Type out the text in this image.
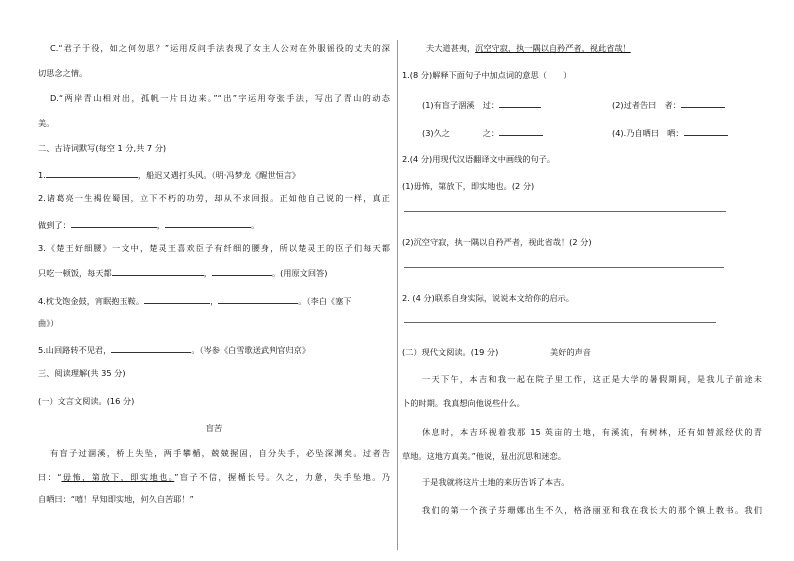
C.“君子于役，如之何勿思？”运用反问手法表现了女主人公对在外服徭役的丈夫的深
切思念之情。
D.“两岸青山相对出，孤帆一片日边来。”“出”字运用夸张手法，写出了青山的动态
美。
二、古诗词默写(每空 1 分,共 7 分)
1.	，船迟又遇打头风。（明·冯梦龙《醒世恒言》
2.诸葛亮一生褐佐蜀国，立下不朽的功劳，却从不求回报。正如他自己说的一样，真正
做到了：	，	。
3.《楚王好细腰》一文中，楚灵王喜欢臣子有纤细的腰身，所以楚灵王的臣子们每天都
只吃一顿饭，每天都	，	。(用原文回答)
4.枕戈饱金鼓，宵眠抱玉鞍。	，	。（李白《塞下
曲》）
5.山回路转不见君，	。（岑参《白雪歌送武判官归京》
三、阅读理解(共 35 分)
(一）文言文阅读。(16 分)
盲苦
有盲子过涸溪，桥上失坠，两手攀楯，兢兢握固，自分失手，必坠深渊矣。过者告
曰：“毋怖，第放下，即实地也。”盲子不信，握楯长号。久之，力惫，失手坠地。乃
自哂曰：“嘻！早知即实地，何久自苦耶！”
夫大道甚夷，沉空守寂，执一隅以自矜严者，视此省哉！
1.(8 分)解释下面句子中加点词的意思（　　）
(1)有盲子涸溪　过：	(2)过者告曰　者：
(3)久之　　　　之：	(4).乃自哂曰　哂：
2.(4 分)用现代汉语翻译文中画线的句子。
(1)毋怖，第放下，即实地也。(2 分)
(2)沉空守寂，执一隅以自矜严者，视此省哉！(2 分)
2. (4 分)联系自身实际，说说本文给你的启示。
(二）现代文阅读。(19 分)	美好的声音
一天下午，本吉和我一起在院子里工作，这正是大学的暑假期间，是我儿子前途未
卜的时期。我真想向他说些什么。
休息时，本吉环视着我那 15 英亩的土地，有溪流，有树林，还有如替派经伏的青
草地。这地方真美。”他说，显出沉思和迷恋。
于是我就将这片土地的来历告诉了本吉。
我们的第一个孩子芬珊娜出生不久，格洛丽亚和我在我长大的那个镇上教书。我们
